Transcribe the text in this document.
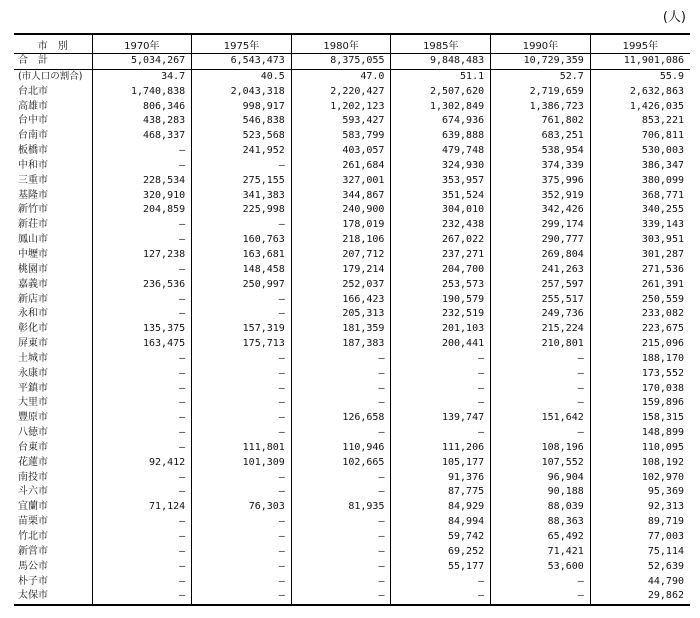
(人)
市　別	1970年	1975年	1980年	1985年	1990年	1995年
合　計	5,034,267	6,543,473	8,375,055	9,848,483	10,729,359	11,901,086
(市人口の割合)	34.7	40.5	47.0	51.1	52.7	55.9
台北市	1,740,838	2,043,318	2,220,427	2,507,620	2,719,659	2,632,863
高雄市	806,346	998,917	1,202,123	1,302,849	1,386,723	1,426,035
台中市	438,283	546,838	593,427	674,936	761,802	853,221
台南市	468,337	523,568	583,799	639,888	683,251	706,811
板橋市	—	241,952	403,057	479,748	538,954	530,003
中和市	—	—	261,684	324,930	374,339	386,347
三重市	228,534	275,155	327,001	353,957	375,996	380,099
基隆市	320,910	341,383	344,867	351,524	352,919	368,771
新竹市	204,859	225,998	240,900	304,010	342,426	340,255
新荘市	—	—	178,019	232,438	299,174	339,143
鳳山市	—	160,763	218,106	267,022	290,777	303,951
中壢市	127,238	163,681	207,712	237,271	269,804	301,287
桃園市	—	148,458	179,214	204,700	241,263	271,536
嘉義市	236,536	250,997	252,037	253,573	257,597	261,391
新店市	—	—	166,423	190,579	255,517	250,559
永和市	—	—	205,313	232,519	249,736	233,082
彰化市	135,375	157,319	181,359	201,103	215,224	223,675
屏東市	163,475	175,713	187,383	200,441	210,801	215,096
土城市	—	—	—	—	—	188,170
永康市	—	—	—	—	—	173,552
平鎮市	—	—	—	—	—	170,038
大里市	—	—	—	—	—	159,896
豐原市	—	—	126,658	139,747	151,642	158,315
八徳市	—	—	—	—	—	148,899
台東市	—	111,801	110,946	111,206	108,196	110,095
花蓮市	92,412	101,309	102,665	105,177	107,552	108,192
南投市	—	—	—	91,376	96,904	102,970
斗六市	—	—	—	87,775	90,188	95,369
宜蘭市	71,124	76,303	81,935	84,929	88,039	92,313
苗栗市	—	—	—	84,994	88,363	89,719
竹北市	—	—	—	59,742	65,492	77,003
新営市	—	—	—	69,252	71,421	75,114
馬公市	—	—	—	55,177	53,600	52,639
朴子市	—	—	—	—	—	44,790
太保市	—	—	—	—	—	29,862
